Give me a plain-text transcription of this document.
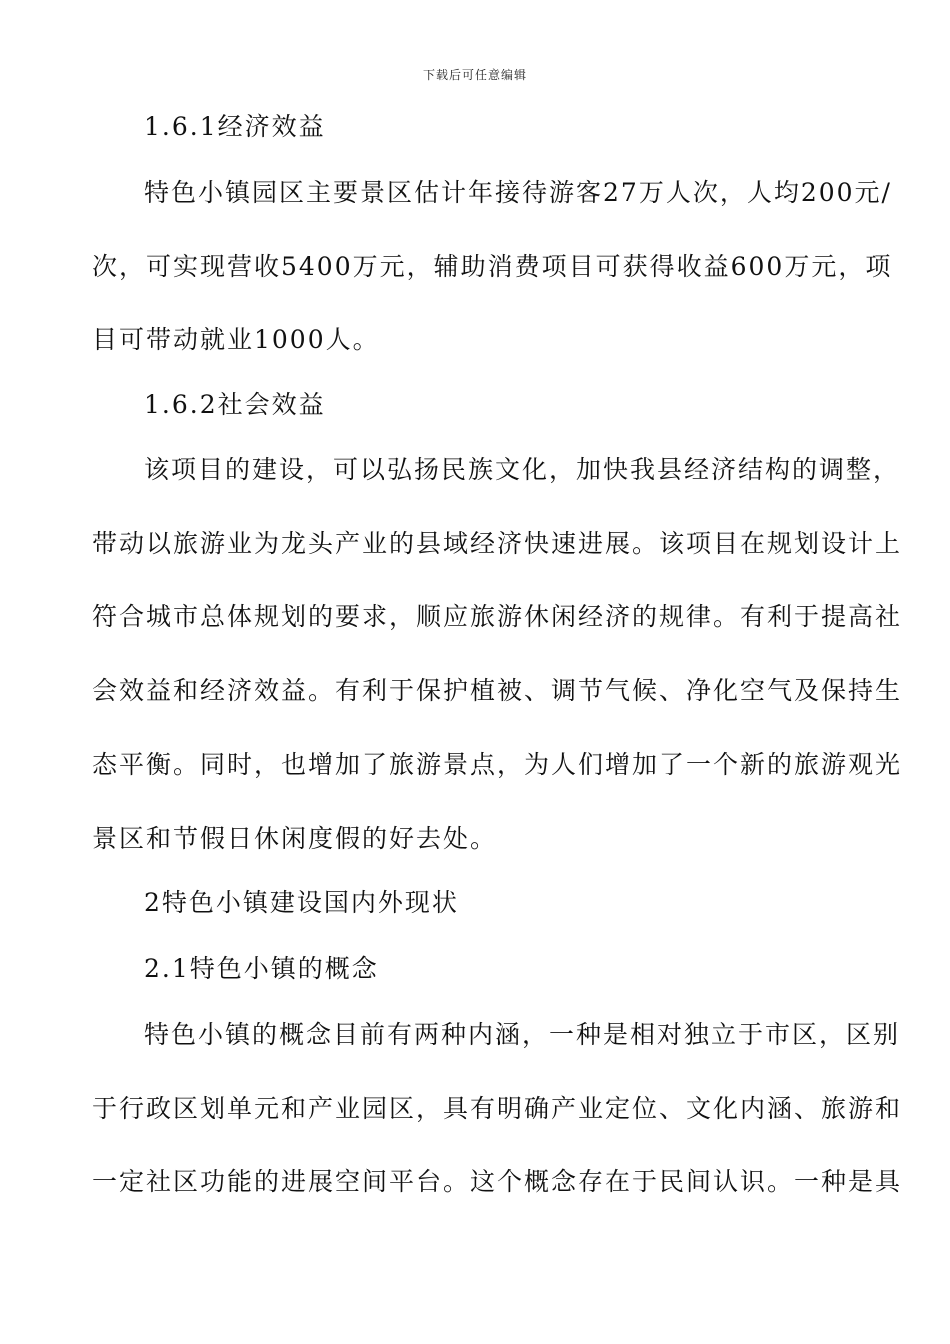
下载后可任意编辑
1.6.1经济效益
特色小镇园区主要景区估计年接待游客27万人次，人均200元/
次，可实现营收5400万元，辅助消费项目可获得收益600万元，项
目可带动就业1000人。
1.6.2社会效益
该项目的建设，可以弘扬民族文化，加快我县经济结构的调整，
带动以旅游业为龙头产业的县域经济快速进展。该项目在规划设计上
符合城市总体规划的要求，顺应旅游休闲经济的规律。有利于提高社
会效益和经济效益。有利于保护植被、调节气候、净化空气及保持生
态平衡。同时，也增加了旅游景点，为人们增加了一个新的旅游观光
景区和节假日休闲度假的好去处。
2特色小镇建设国内外现状
2.1特色小镇的概念
特色小镇的概念目前有两种内涵，一种是相对独立于市区，区别
于行政区划单元和产业园区，具有明确产业定位、文化内涵、旅游和
一定社区功能的进展空间平台。这个概念存在于民间认识。一种是具
